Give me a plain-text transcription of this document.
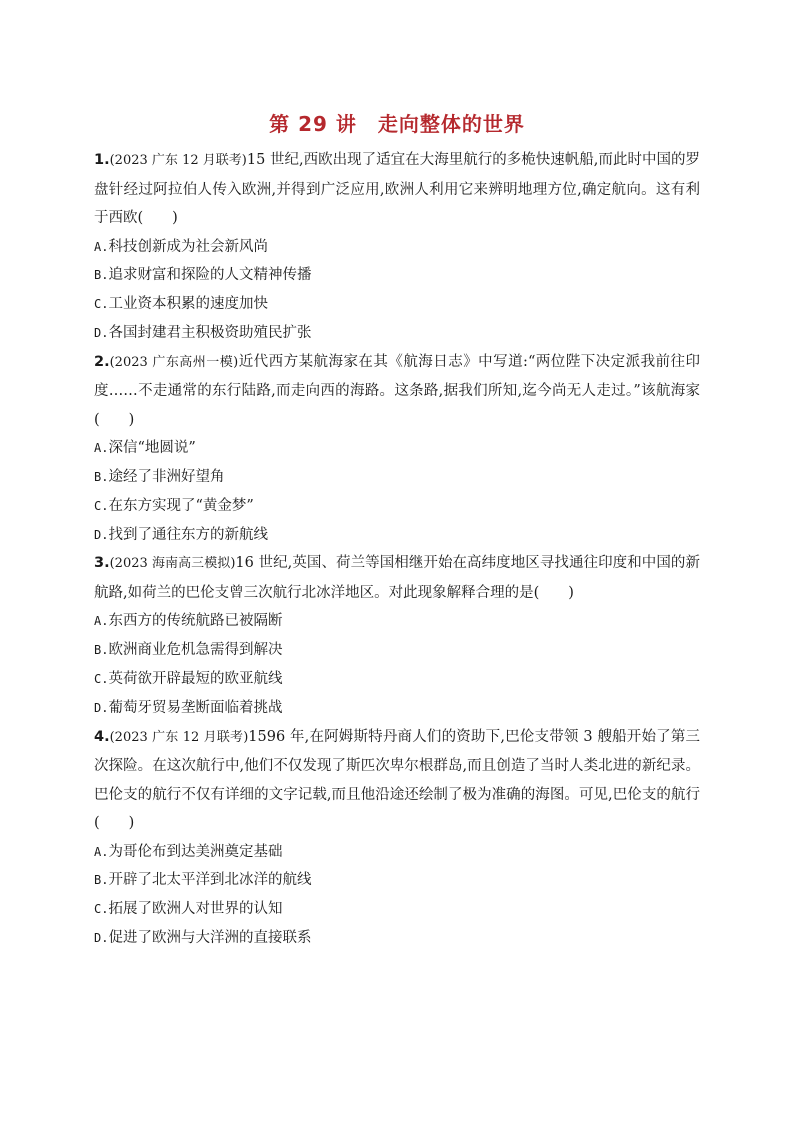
第 29 讲　走向整体的世界

1.(2023 广东 12 月联考)15 世纪,西欧出现了适宜在大海里航行的多桅快速帆船,而此时中国的罗盘针经过阿拉伯人传入欧洲,并得到广泛应用,欧洲人利用它来辨明地理方位,确定航向。这有利于西欧(　　)

A.科技创新成为社会新风尚

B.追求财富和探险的人文精神传播

C.工业资本积累的速度加快

D.各国封建君主积极资助殖民扩张

2.(2023 广东高州一模)近代西方某航海家在其《航海日志》中写道:“两位陛下决定派我前往印度……不走通常的东行陆路,而走向西的海路。这条路,据我们所知,迄今尚无人走过。”该航海家(　　)

A.深信“地圆说”

B.途经了非洲好望角

C.在东方实现了“黄金梦”

D.找到了通往东方的新航线

3.(2023 海南高三模拟)16 世纪,英国、荷兰等国相继开始在高纬度地区寻找通往印度和中国的新航路,如荷兰的巴伦支曾三次航行北冰洋地区。对此现象解释合理的是(　　)

A.东西方的传统航路已被隔断

B.欧洲商业危机急需得到解决

C.英荷欲开辟最短的欧亚航线

D.葡萄牙贸易垄断面临着挑战

4.(2023 广东 12 月联考)1596 年,在阿姆斯特丹商人们的资助下,巴伦支带领 3 艘船开始了第三次探险。在这次航行中,他们不仅发现了斯匹次卑尔根群岛,而且创造了当时人类北进的新纪录。巴伦支的航行不仅有详细的文字记载,而且他沿途还绘制了极为准确的海图。可见,巴伦支的航行(　　)

A.为哥伦布到达美洲奠定基础

B.开辟了北太平洋到北冰洋的航线

C.拓展了欧洲人对世界的认知

D.促进了欧洲与大洋洲的直接联系
